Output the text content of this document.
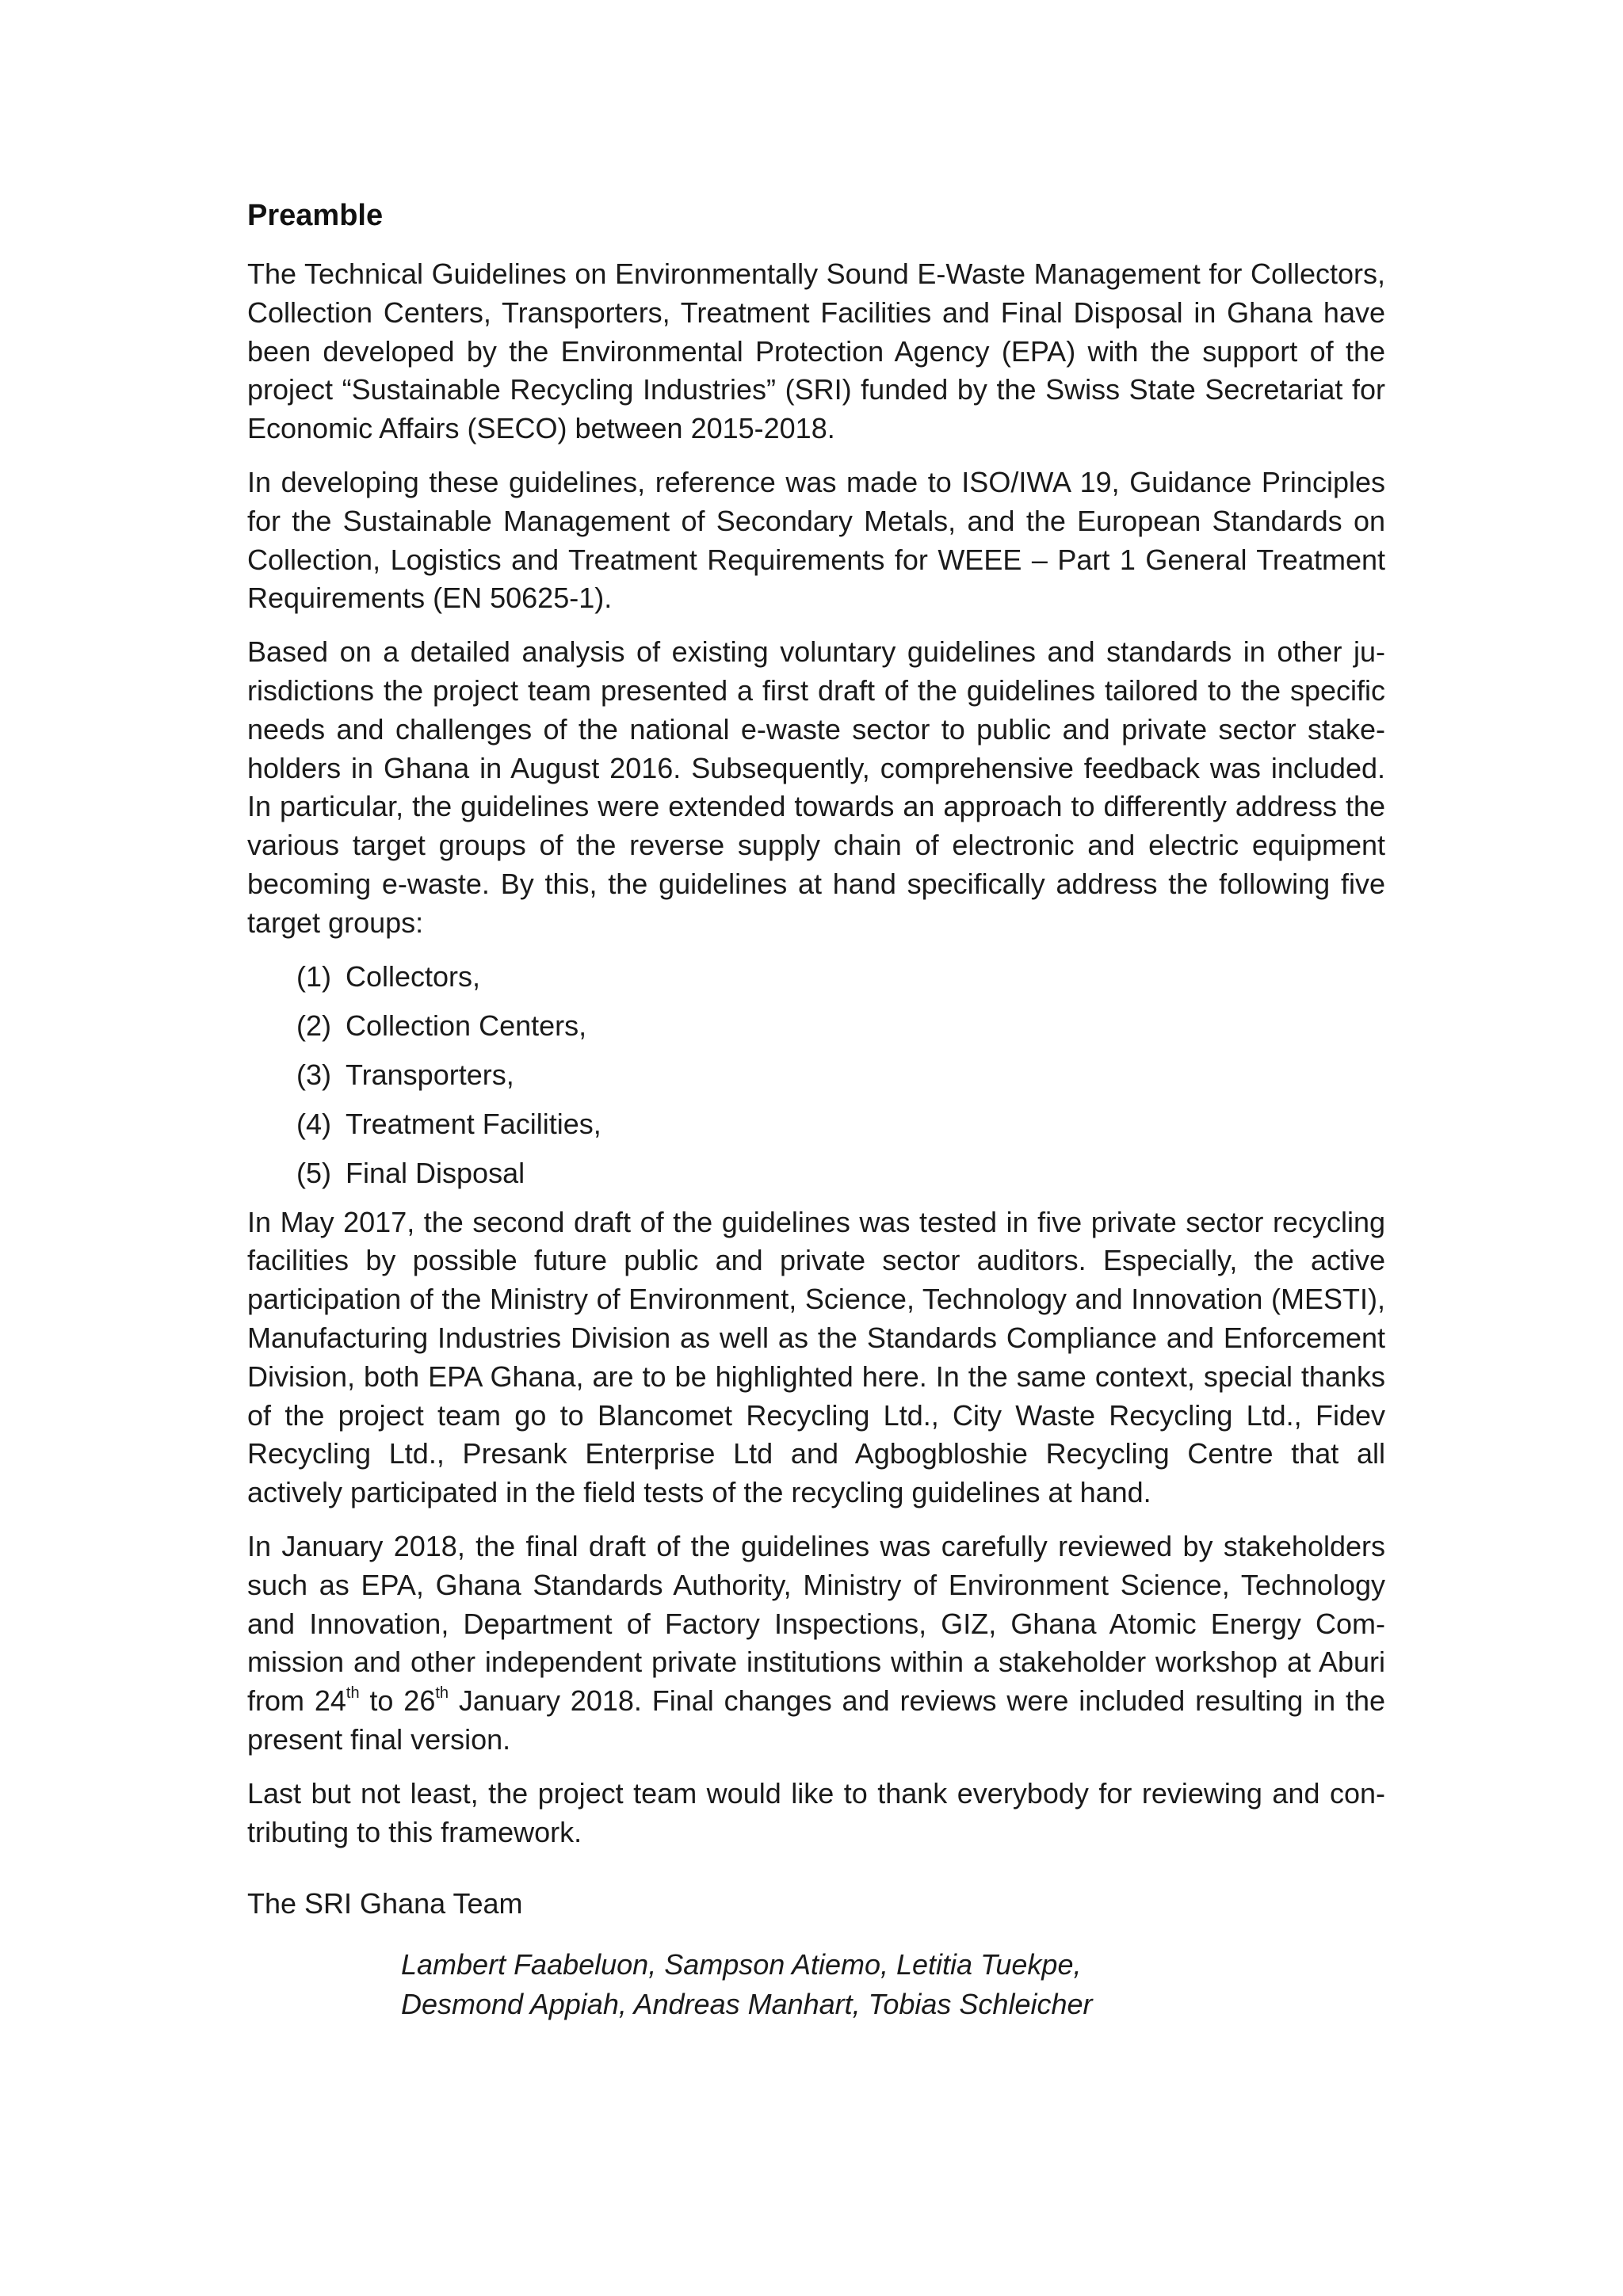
Preamble

The Technical Guidelines on Environmentally Sound E-Waste Management for Collectors, Collection Centers, Transporters, Treatment Facilities and Final Disposal in Ghana have been developed by the Environmental Protection Agency (EPA) with the support of the project “Sustainable Recycling Industries” (SRI) funded by the Swiss State Secretariat for Economic Affairs (SECO) between 2015-2018.

In developing these guidelines, reference was made to ISO/IWA 19, Guidance Principles for the Sustainable Management of Secondary Metals, and the European Standards on Collection, Logistics and Treatment Requirements for WEEE – Part 1 General Treatment Requirements (EN 50625-1).

Based on a detailed analysis of existing voluntary guidelines and standards in other jurisdictions the project team presented a first draft of the guidelines tailored to the specific needs and challenges of the national e-waste sector to public and private sector stakeholders in Ghana in August 2016. Subsequently, comprehensive feedback was included. In particular, the guidelines were extended towards an approach to differently address the various target groups of the reverse supply chain of electronic and electric equipment becoming e-waste. By this, the guidelines at hand specifically address the following five target groups:

(1) Collectors,
(2) Collection Centers,
(3) Transporters,
(4) Treatment Facilities,
(5) Final Disposal

In May 2017, the second draft of the guidelines was tested in five private sector recycling facilities by possible future public and private sector auditors. Especially, the active participation of the Ministry of Environment, Science, Technology and Innovation (MESTI), Manufacturing Industries Division as well as the Standards Compliance and Enforcement Division, both EPA Ghana, are to be highlighted here. In the same context, special thanks of the project team go to Blancomet Recycling Ltd., City Waste Recycling Ltd., Fidev Recycling Ltd., Presank Enterprise Ltd and Agbogbloshie Recycling Centre that all actively participated in the field tests of the recycling guidelines at hand.

In January 2018, the final draft of the guidelines was carefully reviewed by stakeholders such as EPA, Ghana Standards Authority, Ministry of Environment Science, Technology and Innovation, Department of Factory Inspections, GIZ, Ghana Atomic Energy Commission and other independent private institutions within a stakeholder workshop at Aburi from 24th to 26th January 2018. Final changes and reviews were included resulting in the present final version.

Last but not least, the project team would like to thank everybody for reviewing and contributing to this framework.

The SRI Ghana Team
Lambert Faabeluon, Sampson Atiemo, Letitia Tuekpe,
Desmond Appiah, Andreas Manhart, Tobias Schleicher
